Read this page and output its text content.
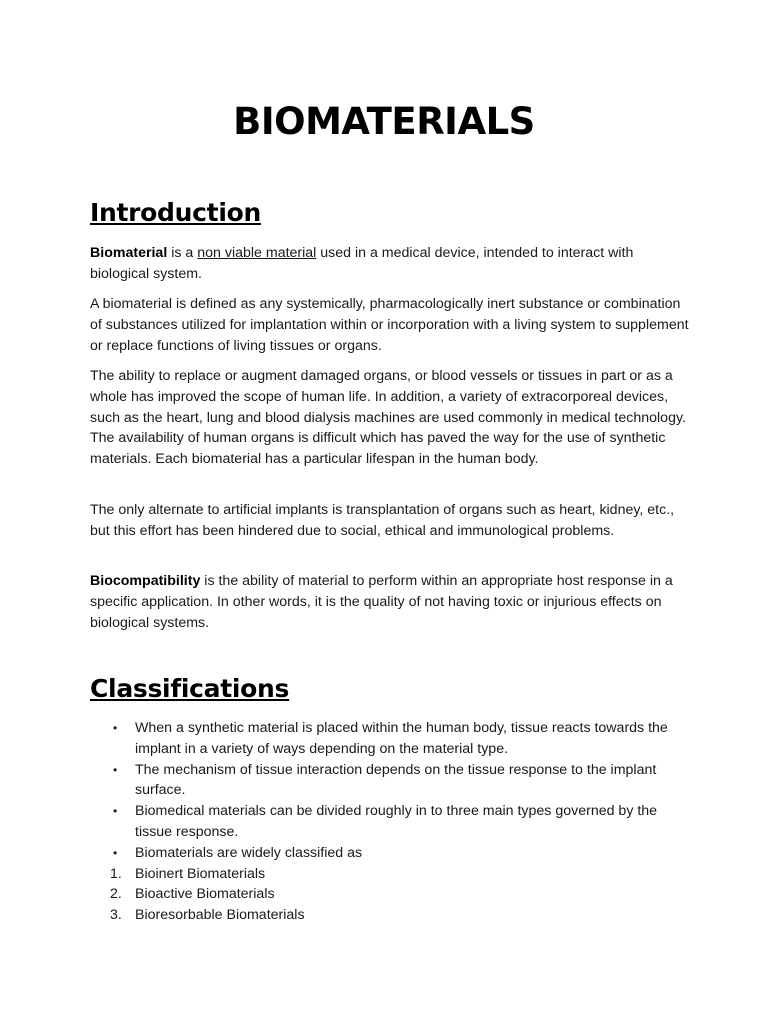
BIOMATERIALS
Introduction

Biomaterial is a non viable material used in a medical device, intended to interact with biological system.

A biomaterial is defined as any systemically, pharmacologically inert substance or combination of substances utilized for implantation within or incorporation with a living system to supplement or replace functions of living tissues or organs.

The ability to replace or augment damaged organs, or blood vessels or tissues in part or as a whole has improved the scope of human life. In addition, a variety of extracorporeal devices, such as the heart, lung and blood dialysis machines are used commonly in medical technology. The availability of human organs is difficult which has paved the way for the use of synthetic materials. Each biomaterial has a particular lifespan in the human body.

The only alternate to artificial implants is transplantation of organs such as heart, kidney, etc., but this effort has been hindered due to social, ethical and immunological problems.

Biocompatibility is the ability of material to perform within an appropriate host response in a specific application. In other words, it is the quality of not having toxic or injurious effects on biological systems.

Classifications
• When a synthetic material is placed within the human body, tissue reacts towards the implant in a variety of ways depending on the material type.
• The mechanism of tissue interaction depends on the tissue response to the implant surface.
• Biomedical materials can be divided roughly in to three main types governed by the tissue response.
• Biomaterials are widely classified as
1. Bioinert Biomaterials
2. Bioactive Biomaterials
3. Bioresorbable Biomaterials
